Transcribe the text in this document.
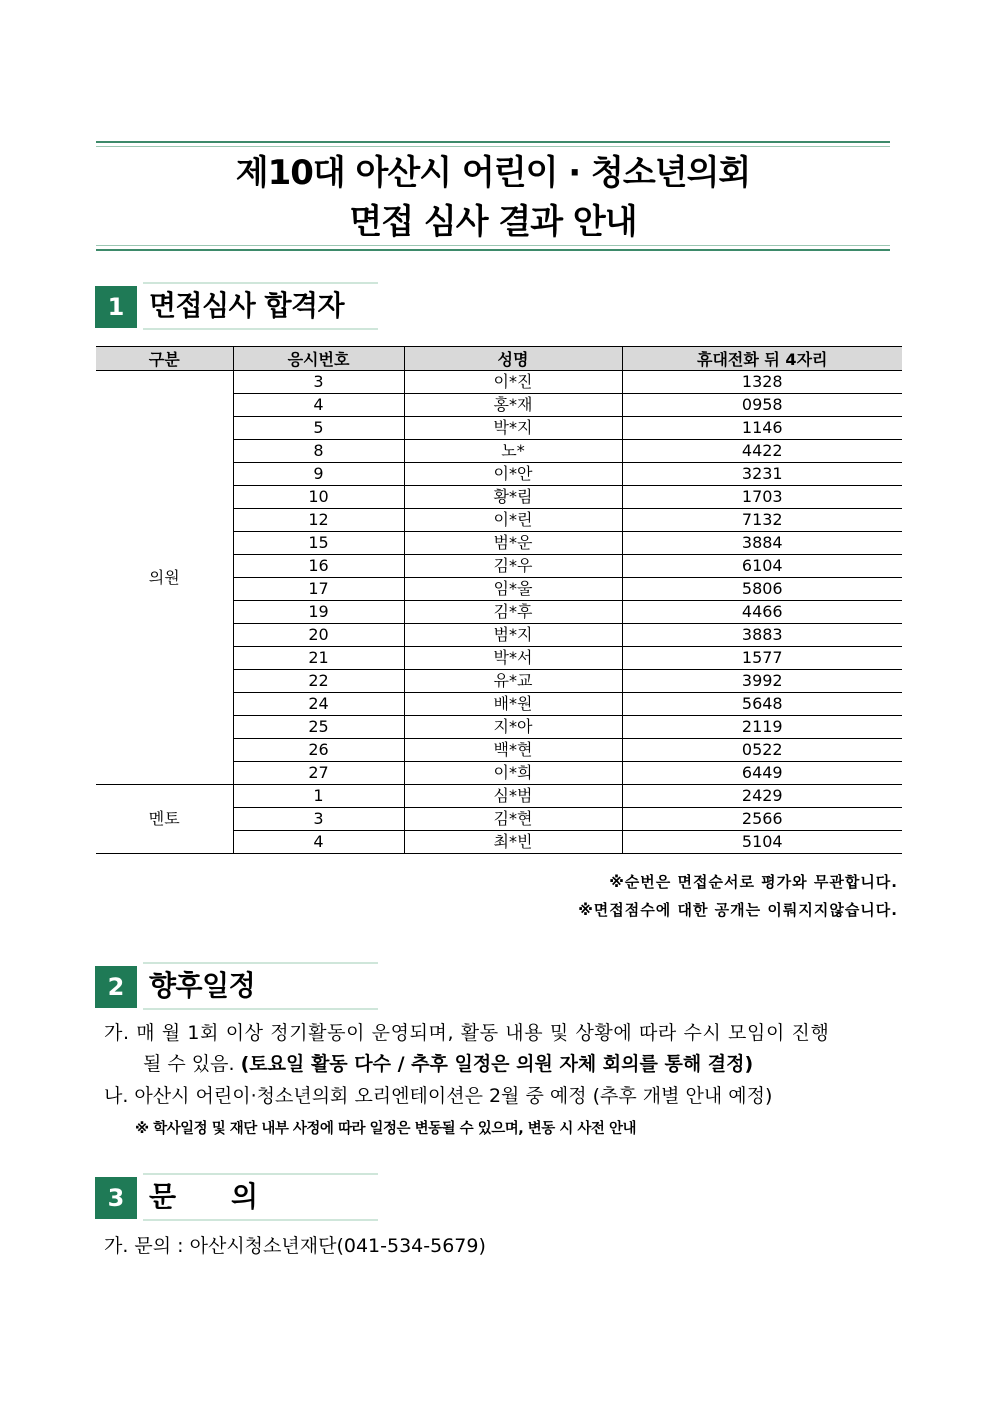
제10대 아산시 어린이 · 청소년의회
면접 심사 결과 안내
1 면접심사 합격자
구분	응시번호	성명	휴대전화 뒤 4자리
의원	3	이*진	1328
	4	홍*재	0958
	5	박*지	1146
	8	노*	4422
	9	이*안	3231
	10	황*림	1703
	12	이*린	7132
	15	범*운	3884
	16	김*우	6104
	17	임*울	5806
	19	김*후	4466
	20	범*지	3883
	21	박*서	1577
	22	유*교	3992
	24	배*원	5648
	25	지*아	2119
	26	백*현	0522
	27	이*희	6449
멘토	1	심*범	2429
	3	김*현	2566
	4	최*빈	5104
※순번은 면접순서로 평가와 무관합니다.
※면접점수에 대한 공개는 이뤄지지않습니다.
2 향후일정
가. 매 월 1회 이상 정기활동이 운영되며, 활동 내용 및 상황에 따라 수시 모임이 진행
될 수 있음. (토요일 활동 다수 / 추후 일정은 의원 자체 회의를 통해 결정)
나. 아산시 어린이·청소년의회 오리엔테이션은 2월 중 예정 (추후 개별 안내 예정)
※ 학사일정 및 재단 내부 사정에 따라 일정은 변동될 수 있으며, 변동 시 사전 안내
3 문      의
가. 문의 : 아산시청소년재단(041-534-5679)
